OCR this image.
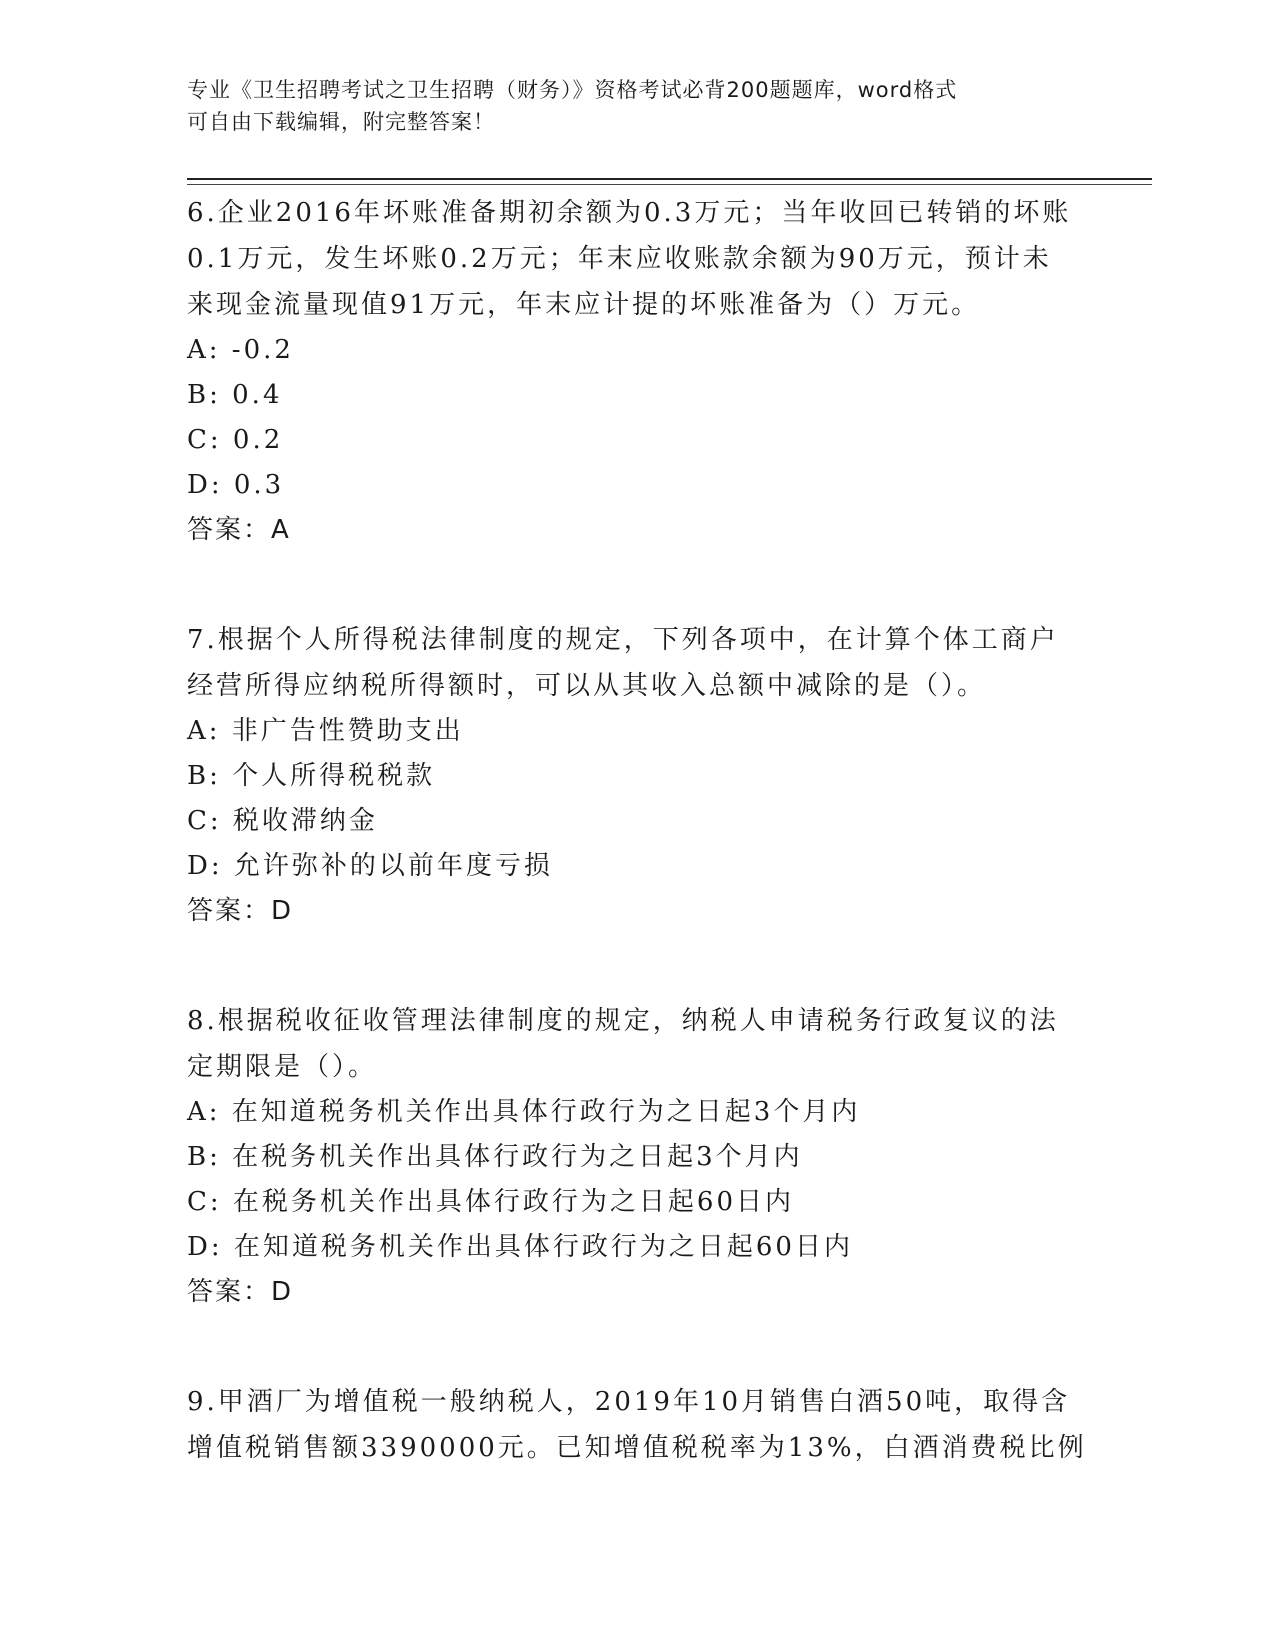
专业《卫生招聘考试之卫生招聘（财务）》资格考试必背200题题库，word格式
可自由下载编辑，附完整答案！
6.企业2016年坏账准备期初余额为0.3万元；当年收回已转销的坏账
0.1万元，发生坏账0.2万元；年末应收账款余额为90万元，预计未
来现金流量现值91万元，年末应计提的坏账准备为（）万元。
A: -0.2
B: 0.4
C: 0.2
D: 0.3
答案：A
7.根据个人所得税法律制度的规定，下列各项中，在计算个体工商户
经营所得应纳税所得额时，可以从其收入总额中减除的是（）。
A: 非广告性赞助支出
B: 个人所得税税款
C: 税收滞纳金
D: 允许弥补的以前年度亏损
答案：D
8.根据税收征收管理法律制度的规定，纳税人申请税务行政复议的法
定期限是（）。
A: 在知道税务机关作出具体行政行为之日起3个月内
B: 在税务机关作出具体行政行为之日起3个月内
C: 在税务机关作出具体行政行为之日起60日内
D: 在知道税务机关作出具体行政行为之日起60日内
答案：D
9.甲酒厂为增值税一般纳税人，2019年10月销售白酒50吨，取得含
增值税销售额3390000元。已知增值税税率为13%，白酒消费税比例
